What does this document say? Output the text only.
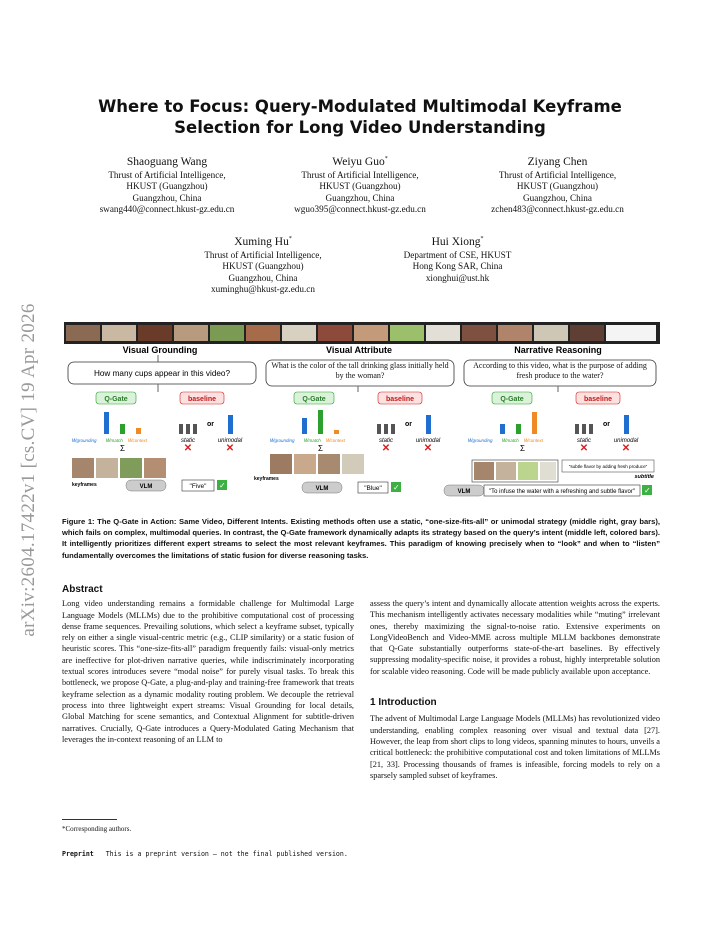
arXiv:2604.17422v1 [cs.CV] 19 Apr 2026
Where to Focus: Query-Modulated Multimodal Keyframe
Selection for Long Video Understanding
Shaoguang Wang
Thrust of Artificial Intelligence,
HKUST (Guangzhou)
Guangzhou, China
swang440@connect.hkust-gz.edu.cn
Weiyu Guo*
Thrust of Artificial Intelligence,
HKUST (Guangzhou)
Guangzhou, China
wguo395@connect.hkust-gz.edu.cn
Ziyang Chen
Thrust of Artificial Intelligence,
HKUST (Guangzhou)
Guangzhou, China
zchen483@connect.hkust-gz.edu.cn
Xuming Hu*
Thrust of Artificial Intelligence,
HKUST (Guangzhou)
Guangzhou, China
xuminghu@hkust-gz.edu.cn
Hui Xiong*
Department of CSE, HKUST
Hong Kong SAR, China
xionghui@ust.hk
Visual Grounding
How many cups appear in this video?
Q-Gate	baseline
wgrounding wmatch wcontext
or
static	unimodal
✕	✕
Σ
keyframes	VLM	"Five" ✓
Visual Attribute
What is the color of the tall drinking glass initially held by the woman?
Q-Gate	baseline
wgrounding wmatch wcontext
or
static	unimodal
✕	✕
Σ
keyframes
VLM	"Blue" ✓
Narrative Reasoning
According to this video, what is the purpose of adding fresh produce to the water?
Q-Gate	baseline
wgrounding wmatch wcontext
or
static	unimodal
✕	✕
Σ
"subtle flavor by adding fresh produce"
subtitle
VLM	"To infuse the water with a refreshing and subtle flavor" ✓
Figure 1: The Q-Gate in Action: Same Video, Different Intents. Existing methods often use a static, “one-size-fits-all” or unimodal strategy (middle right, gray bars), which fails on complex, multimodal queries. In contrast, the Q-Gate framework dynamically adapts its strategy based on the query’s intent (middle left, colored bars). It intelligently prioritizes different expert streams to select the most relevant keyframes. This paradigm of knowing precisely when to “look” and when to “listen” fundamentally overcomes the limitations of static fusion for diverse reasoning tasks.
Abstract
Long video understanding remains a formidable challenge for Multimodal Large Language Models (MLLMs) due to the prohibitive computational cost of processing dense frame sequences. Prevailing solutions, which select a keyframe subset, typically rely on either a single visual-centric metric (e.g., CLIP similarity) or a static fusion of heuristic scores. This “one-size-fits-all” paradigm frequently fails: visual-only metrics are ineffective for plot-driven narrative queries, while indiscriminately incorporating textual scores introduces severe “modal noise” for purely visual tasks. To break this bottleneck, we propose Q-Gate, a plug-and-play and training-free framework that treats keyframe selection as a dynamic modality routing problem. We decouple the retrieval process into three lightweight expert streams: Visual Grounding for local details, Global Matching for scene semantics, and Contextual Alignment for subtitle-driven narratives. Crucially, Q-Gate introduces a Query-Modulated Gating Mechanism that leverages the in-context reasoning of an LLM to
assess the query’s intent and dynamically allocate attention weights across the experts. This mechanism intelligently activates necessary modalities while “muting” irrelevant ones, thereby maximizing the signal-to-noise ratio. Extensive experiments on LongVideoBench and Video-MME across multiple MLLM backbones demonstrate that Q-Gate substantially outperforms state-of-the-art baselines. By effectively suppressing modality-specific noise, it provides a robust, highly interpretable solution for scalable video reasoning. Code will be made publicly available upon acceptance.
1 Introduction
The advent of Multimodal Large Language Models (MLLMs) has revolutionized video understanding, enabling complex reasoning over visual and textual data [27]. However, the leap from short clips to long videos, spanning minutes to hours, unveils a critical bottleneck: the prohibitive computational cost and token limitations of MLLMs [21, 33]. Processing thousands of frames is infeasible, forcing models to rely on a sparsely sampled subset of keyframes.
*Corresponding authors.
Preprint This is a preprint version — not the final published version.
